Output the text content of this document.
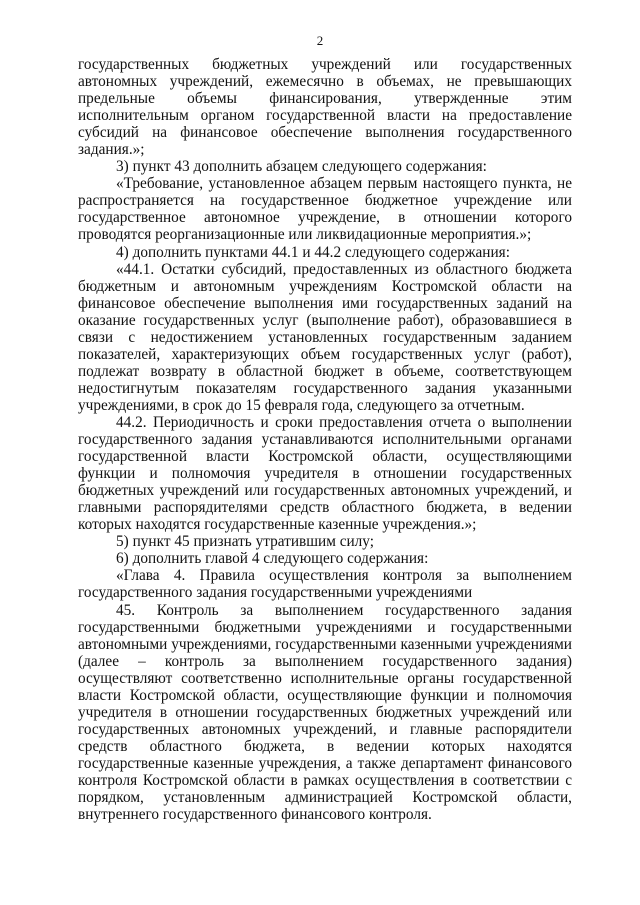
2

государственных бюджетных учреждений или государственных автономных учреждений, ежемесячно в объемах, не превышающих предельные объемы финансирования, утвержденные этим исполнительным органом государственной власти на предоставление субсидий на финансовое обеспечение выполнения государственного задания.»;

3) пункт 43 дополнить абзацем следующего содержания:

«Требование, установленное абзацем первым настоящего пункта, не распространяется на государственное бюджетное учреждение или государственное автономное учреждение, в отношении которого проводятся реорганизационные или ликвидационные мероприятия.»;

4) дополнить пунктами 44.1 и 44.2 следующего содержания:

«44.1. Остатки субсидий, предоставленных из областного бюджета бюджетным и автономным учреждениям Костромской области на финансовое обеспечение выполнения ими государственных заданий на оказание государственных услуг (выполнение работ), образовавшиеся в связи с недостижением установленных государственным заданием показателей, характеризующих объем государственных услуг (работ), подлежат возврату в областной бюджет в объеме, соответствующем недостигнутым показателям государственного задания указанными учреждениями, в срок до 15 февраля года, следующего за отчетным.

44.2. Периодичность и сроки предоставления отчета о выполнении государственного задания устанавливаются исполнительными органами государственной власти Костромской области, осуществляющими функции и полномочия учредителя в отношении государственных бюджетных учреждений или государственных автономных учреждений, и главными распорядителями средств областного бюджета, в ведении которых находятся государственные казенные учреждения.»;

5) пункт 45 признать утратившим силу;

6) дополнить главой 4 следующего содержания:

«Глава 4. Правила осуществления контроля за выполнением государственного задания государственными учреждениями

45. Контроль за выполнением государственного задания государственными бюджетными учреждениями и государственными автономными учреждениями, государственными казенными учреждениями (далее – контроль за выполнением государственного задания) осуществляют соответственно исполнительные органы государственной власти Костромской области, осуществляющие функции и полномочия учредителя в отношении государственных бюджетных учреждений или государственных автономных учреждений, и главные распорядители средств областного бюджета, в ведении которых находятся государственные казенные учреждения, а также департамент финансового контроля Костромской области в рамках осуществления в соответствии с порядком, установленным администрацией Костромской области, внутреннего государственного финансового контроля.
